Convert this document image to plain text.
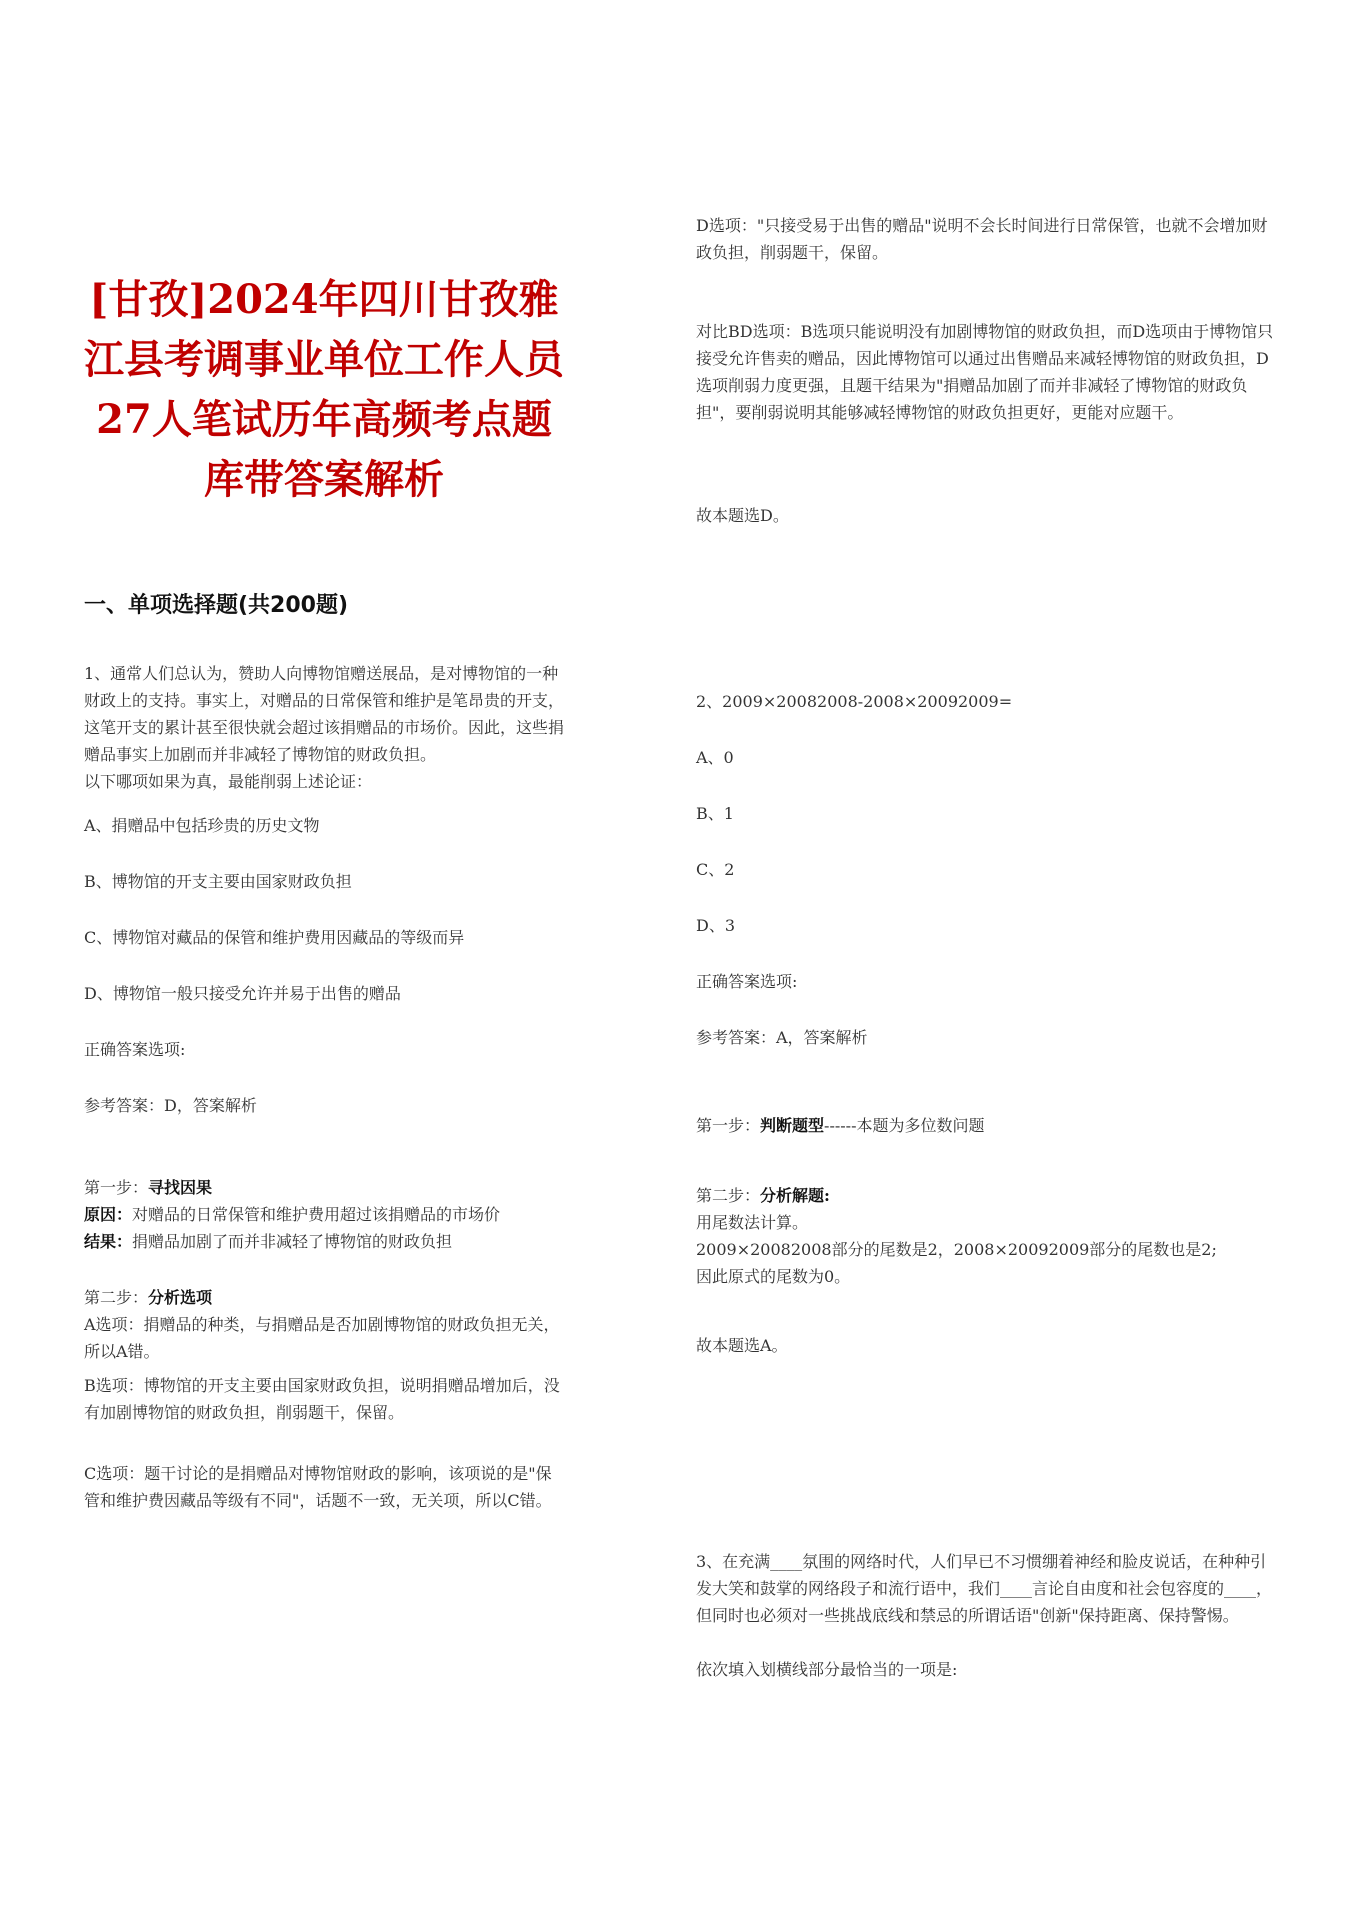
[甘孜]2024年四川甘孜雅江县考调事业单位工作人员27人笔试历年高频考点题库带答案解析
一、单项选择题(共200题)

1、通常人们总认为，赞助人向博物馆赠送展品，是对博物馆的一种财政上的支持。事实上，对赠品的日常保管和维护是笔昂贵的开支，这笔开支的累计甚至很快就会超过该捐赠品的市场价。因此，这些捐赠品事实上加剧而并非减轻了博物馆的财政负担。

以下哪项如果为真，最能削弱上述论证：

A、捐赠品中包括珍贵的历史文物

B、博物馆的开支主要由国家财政负担

C、博物馆对藏品的保管和维护费用因藏品的等级而异

D、博物馆一般只接受允许并易于出售的赠品

正确答案选项:

参考答案：D，答案解析

第一步：寻找因果

原因：对赠品的日常保管和维护费用超过该捐赠品的市场价

结果：捐赠品加剧了而并非减轻了博物馆的财政负担

第二步：分析选项

A选项：捐赠品的种类，与捐赠品是否加剧博物馆的财政负担无关，所以A错。

B选项：博物馆的开支主要由国家财政负担，说明捐赠品增加后，没有加剧博物馆的财政负担，削弱题干，保留。

C选项：题干讨论的是捐赠品对博物馆财政的影响，该项说的是"保管和维护费因藏品等级有不同"，话题不一致，无关项，所以C错。

D选项："只接受易于出售的赠品"说明不会长时间进行日常保管，也就不会增加财政负担，削弱题干，保留。

对比BD选项：B选项只能说明没有加剧博物馆的财政负担，而D选项由于博物馆只接受允许售卖的赠品，因此博物馆可以通过出售赠品来减轻博物馆的财政负担，D选项削弱力度更强，且题干结果为"捐赠品加剧了而并非减轻了博物馆的财政负担"，要削弱说明其能够减轻博物馆的财政负担更好，更能对应题干。

故本题选D。

2、2009×20082008-2008×20092009=

A、0

B、1

C、2

D、3

正确答案选项:

参考答案：A，答案解析

第一步：判断题型------本题为多位数问题

第二步：分析解题:

用尾数法计算。

2009×20082008部分的尾数是2，2008×20092009部分的尾数也是2;

因此原式的尾数为0。

故本题选A。

3、在充满____氛围的网络时代，人们早已不习惯绷着神经和脸皮说话，在种种引发大笑和鼓掌的网络段子和流行语中，我们____言论自由度和社会包容度的____，但同时也必须对一些挑战底线和禁忌的所谓话语"创新"保持距离、保持警惕。

依次填入划横线部分最恰当的一项是:
